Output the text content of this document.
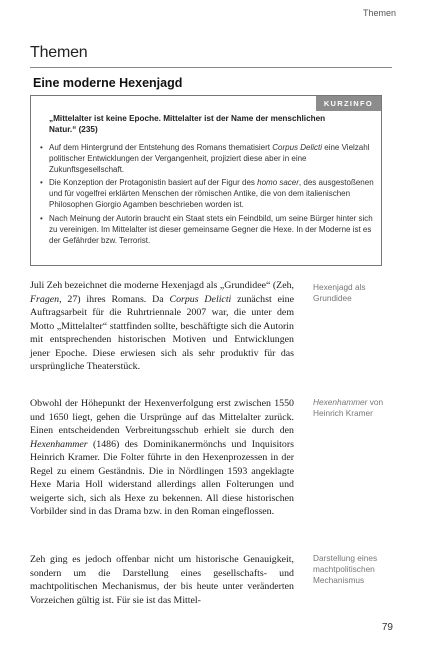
Themen
Themen
Eine moderne Hexenjagd
KURZINFO
„Mittelalter ist keine Epoche. Mittelalter ist der Name der menschlichen Natur.“ (235)
• Auf dem Hintergrund der Entstehung des Romans thematisiert Corpus Delicti eine Vielzahl politischer Entwicklungen der Vergangenheit, projiziert diese aber in eine Zukunftsgesellschaft.
• Die Konzeption der Protagonistin basiert auf der Figur des homo sacer, des ausgestoßenen und für vogelfrei erklärten Menschen der römischen Antike, die von dem italienischen Philosophen Giorgio Agamben beschrieben worden ist.
• Nach Meinung der Autorin braucht ein Staat stets ein Feindbild, um seine Bürger hinter sich zu vereinigen. Im Mittelalter ist dieser gemeinsame Gegner die Hexe. In der Moderne ist es der Gefährder bzw. Terrorist.

Juli Zeh bezeichnet die moderne Hexenjagd als „Grundidee“ (Zeh, Fragen, 27) ihres Romans. Da Corpus Delicti zunächst eine Auftragsarbeit für die Ruhrtriennale 2007 war, die unter dem Motto „Mittelalter“ stattfinden sollte, beschäftigte sich die Autorin mit entsprechenden historischen Motiven und Entwicklungen jener Epoche. Diese erwiesen sich als sehr produktiv für das ursprüngliche Theaterstück.

Hexenjagd als Grundidee

Obwohl der Höhepunkt der Hexenverfolgung erst zwischen 1550 und 1650 liegt, gehen die Ursprünge auf das Mittelalter zurück. Einen entscheidenden Verbreitungsschub erhielt sie durch den Hexenhammer (1486) des Dominikanermönchs und Inquisitors Heinrich Kramer. Die Folter führte in den Hexenprozessen in der Regel zu einem Geständnis. Die in Nördlingen 1593 angeklagte Hexe Maria Holl widerstand allerdings allen Folterungen und weigerte sich, sich als Hexe zu bekennen. All diese historischen Vorbilder sind in das Drama bzw. in den Roman eingeflossen.

Hexenhammer von Heinrich Kramer

Zeh ging es jedoch offenbar nicht um historische Genauigkeit, sondern um die Darstellung eines gesellschafts- und machtpolitischen Mechanismus, der bis heute unter veränderten Vorzeichen gültig ist. Für sie ist das Mittel-

Darstellung eines machtpolitischen Mechanismus
79
